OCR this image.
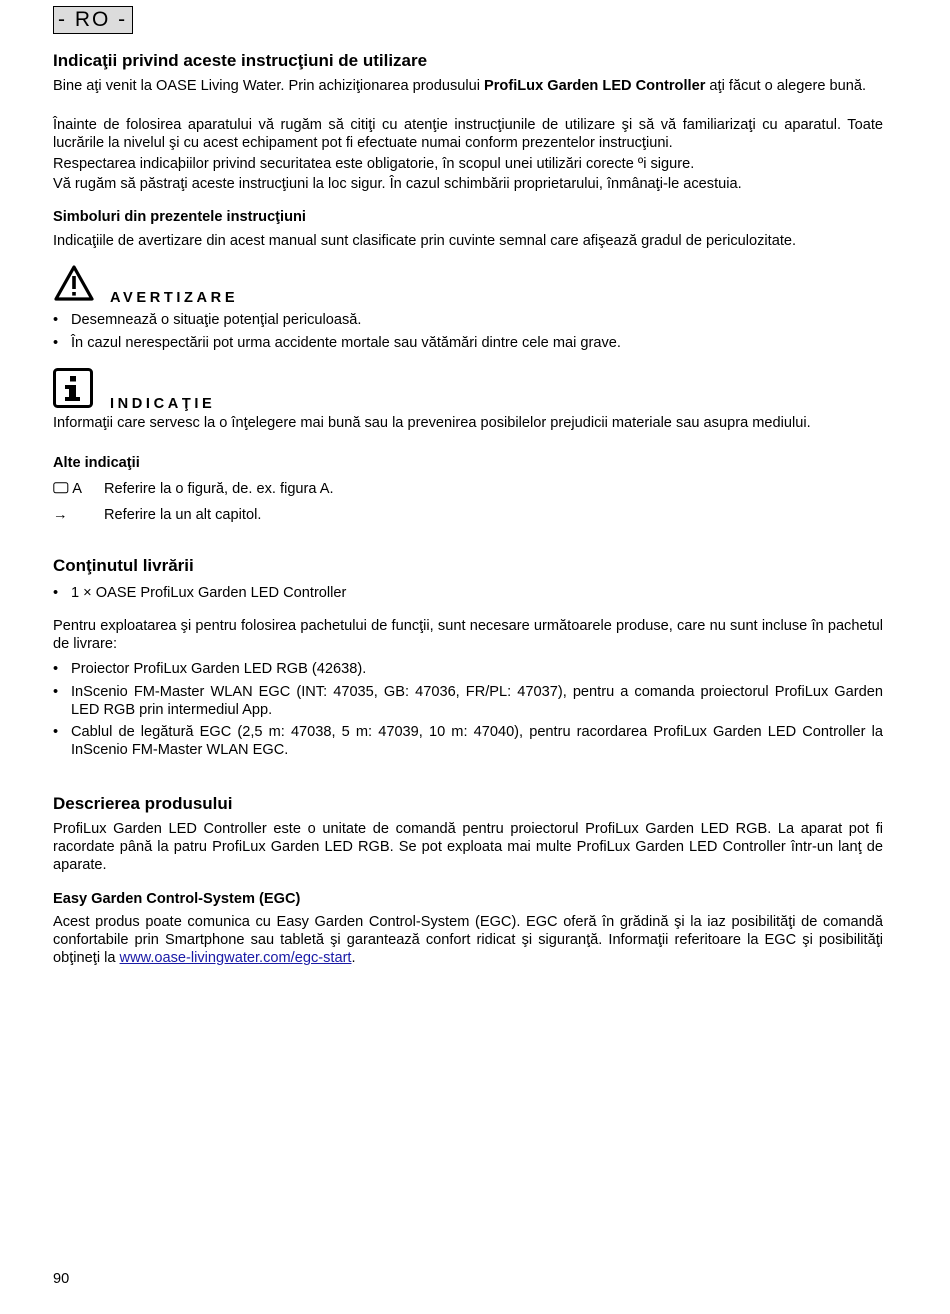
- RO -
Indicaţii privind aceste instrucţiuni de utilizare
Bine aţi venit la OASE Living Water. Prin achiziţionarea produsului ProfiLux Garden LED Controller aţi făcut o alegere bună.

Înainte de folosirea aparatului vă rugăm să citiţi cu atenţie instrucţiunile de utilizare şi să vă familiarizaţi cu aparatul. Toate lucrările la nivelul şi cu acest echipament pot fi efectuate numai conform prezentelor instrucţiuni.

Respectarea indicaþiilor privind securitatea este obligatorie, în scopul unei utilizări corecte ºi sigure.

Vă rugăm să păstraţi aceste instrucţiuni la loc sigur. În cazul schimbării proprietarului, înmânaţi-le acestuia.

Simboluri din prezentele instrucţiuni

Indicaţiile de avertizare din acest manual sunt clasificate prin cuvinte semnal care afişează gradul de periculozitate.

AVERTIZARE
• Desemnează o situaţie potenţial periculoasă.
• În cazul nerespectării pot urma accidente mortale sau vătămări dintre cele mai grave.
INDICAŢIE

Informaţii care servesc la o înţelegere mai bună sau la prevenirea posibilelor prejudicii materiale sau asupra mediului.

Alte indicaţii
A Referire la o figură, de. ex. figura A.
→ Referire la un alt capitol.
Conţinutul livrării
• 1 × OASE ProfiLux Garden LED Controller

Pentru exploatarea şi pentru folosirea pachetului de funcţii, sunt necesare următoarele produse, care nu sunt incluse în pachetul de livrare:

• Proiector ProfiLux Garden LED RGB (42638).
• InScenio FM-Master WLAN EGC (INT: 47035, GB: 47036, FR/PL: 47037), pentru a comanda proiectorul ProfiLux Garden LED RGB prin intermediul App.
• Cablul de legătură EGC (2,5 m: 47038, 5 m: 47039, 10 m: 47040), pentru racordarea ProfiLux Garden LED Controller la InScenio FM-Master WLAN EGC.
Descrierea produsului

ProfiLux Garden LED Controller este o unitate de comandă pentru proiectorul ProfiLux Garden LED RGB. La aparat pot fi racordate până la patru ProfiLux Garden LED RGB. Se pot exploata mai multe ProfiLux Garden LED Controller într-un lanţ de aparate.

Easy Garden Control-System (EGC)
Acest produs poate comunica cu Easy Garden Control-System (EGC). EGC oferă în grădină şi la iaz posibilităţi de comandă confortabile prin Smartphone sau tabletă şi garantează confort ridicat şi siguranţă. Informaţii referitoare la EGC şi posibilităţi obţineţi la www.oase-livingwater.com/egc-start.
90
